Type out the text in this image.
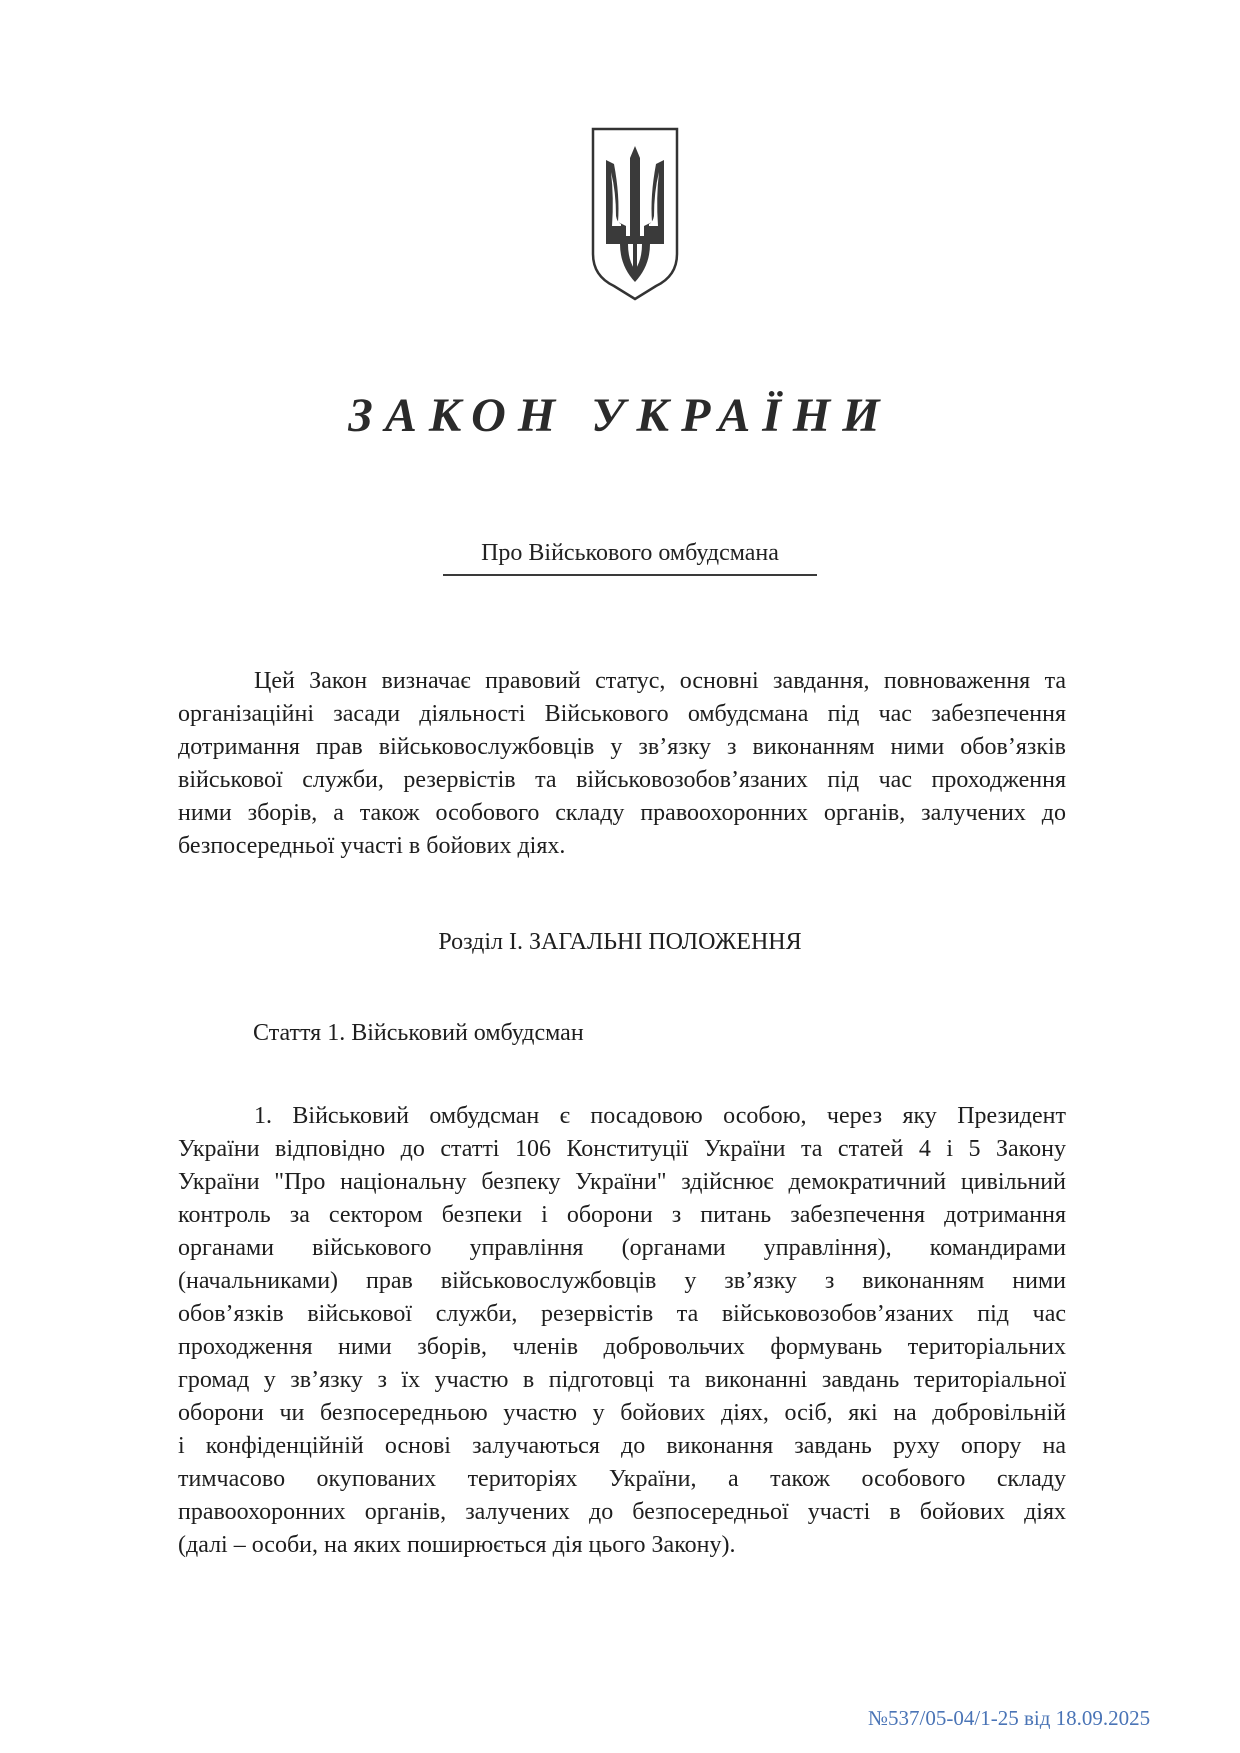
ЗАКОН УКРАЇНИ
Про Військового омбудсмана
Цей Закон визначає правовий статус, основні завдання, повноваження та
організаційні засади діяльності Військового омбудсмана під час забезпечення
дотримання прав військовослужбовців у зв’язку з виконанням ними обов’язків
військової служби, резервістів та військовозобов’язаних під час проходження
ними зборів, а також особового складу правоохоронних органів, залучених до
безпосередньої участі в бойових діях.
Розділ І. ЗАГАЛЬНІ ПОЛОЖЕННЯ
Стаття 1. Військовий омбудсман
1. Військовий омбудсман є посадовою особою, через яку Президент
України відповідно до статті 106 Конституції України та статей 4 і 5 Закону
України "Про національну безпеку України" здійснює демократичний цивільний
контроль за сектором безпеки і оборони з питань забезпечення дотримання
органами військового управління (органами управління), командирами
(начальниками) прав військовослужбовців у зв’язку з виконанням ними
обов’язків військової служби, резервістів та військовозобов’язаних під час
проходження ними зборів, членів добровольчих формувань територіальних
громад у зв’язку з їх участю в підготовці та виконанні завдань територіальної
оборони чи безпосередньою участю у бойових діях, осіб, які на добровільній
і конфіденційній основі залучаються до виконання завдань руху опору на
тимчасово окупованих територіях України, а також особового складу
правоохоронних органів, залучених до безпосередньої участі в бойових діях
(далі – особи, на яких поширюється дія цього Закону).
№537/05-04/1-25 від 18.09.2025
